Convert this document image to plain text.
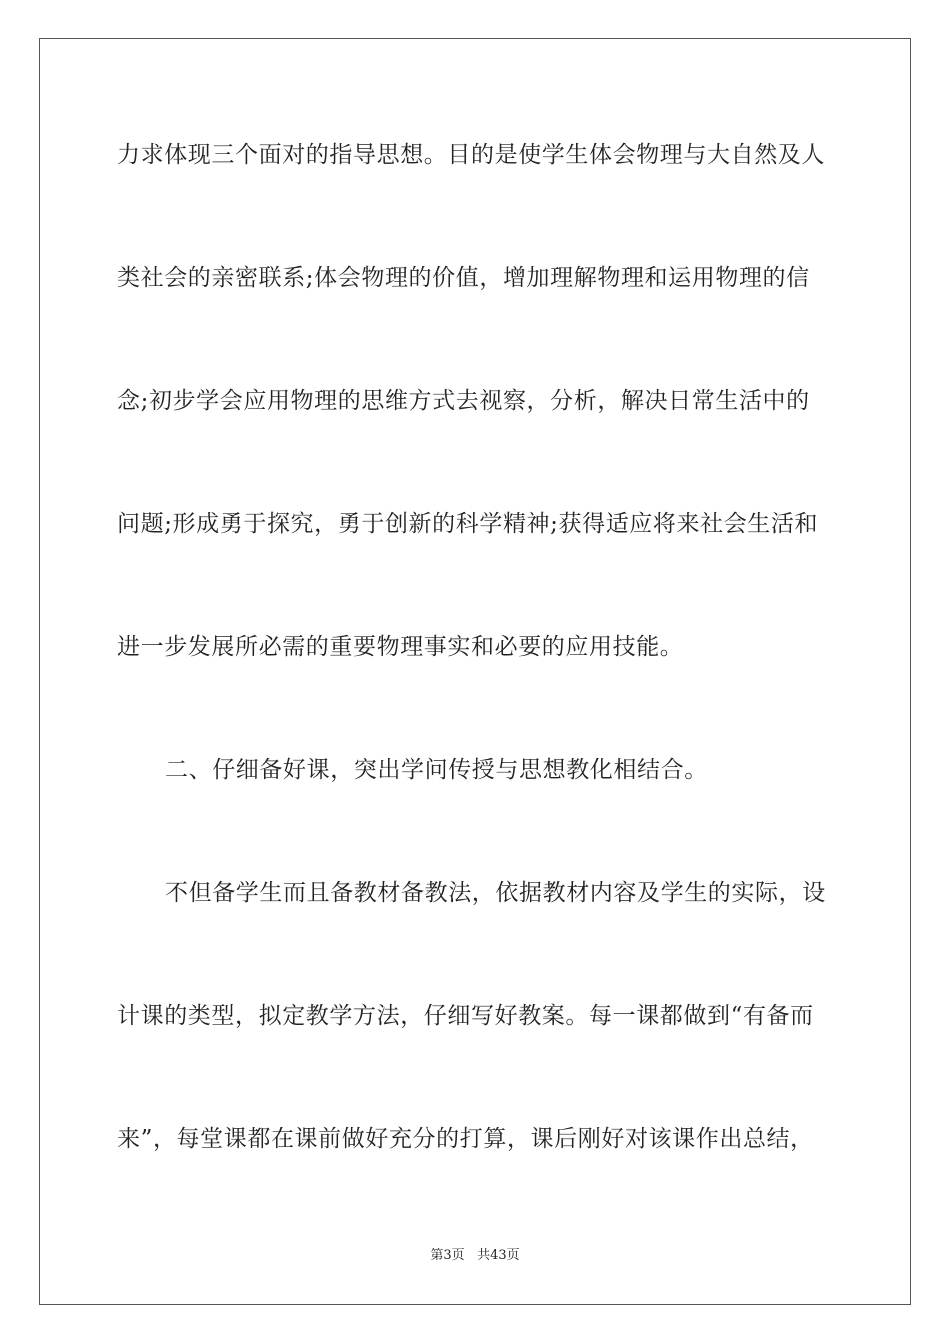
力求体现三个面对的指导思想。目的是使学生体会物理与大自然及人
类社会的亲密联系;体会物理的价值，增加理解物理和运用物理的信
念;初步学会应用物理的思维方式去视察，分析，解决日常生活中的
问题;形成勇于探究，勇于创新的科学精神;获得适应将来社会生活和
进一步发展所必需的重要物理事实和必要的应用技能。
二、仔细备好课，突出学问传授与思想教化相结合。
不但备学生而且备教材备教法，依据教材内容及学生的实际，设
计课的类型，拟定教学方法，仔细写好教案。每一课都做到“有备而
来”，每堂课都在课前做好充分的打算，课后刚好对该课作出总结，
第3页 共43页
